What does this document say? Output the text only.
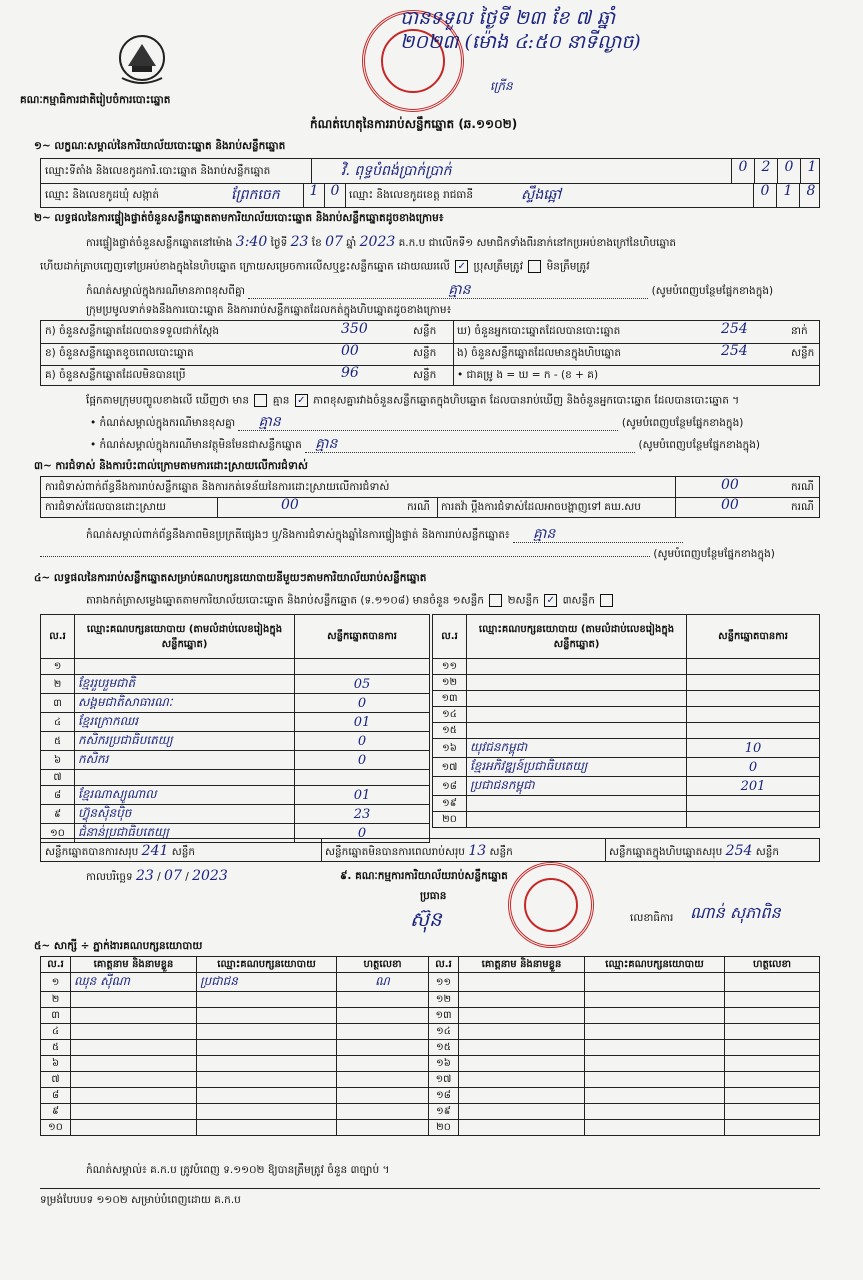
គណៈកម្មាធិការជាតិរៀបចំការបោះឆ្នោត
បានទទួល ថ្ងៃទី ២៣ ខែ ៧ ឆ្នាំ ២០២៣ (ម៉ោង ៤:៥០ នាទីល្ងាច)
ក្រើន
កំណត់ហេតុនៃការរាប់សន្លឹកឆ្នោត (ឆ.១១០២)
១~ លក្ខណៈសម្គាល់នៃការិយាល័យបោះឆ្នោត និងរាប់សន្លឹកឆ្នោត
ឈ្មោះទីតាំង និងលេខកូដការិ.បោះឆ្នោត និងរាប់សន្លឹកឆ្នោត	វិ. ពុទ្ធបំពង់ប្រាក់ប្រាក់	0	2	0	1
ឈ្មោះ និងលេខកូដឃុំ សង្កាត់	ព្រែកចេក	1 0 ឈ្មោះ និងលេខកូដខេត្ត រាជធានី	ស្ទឹងឆ្អៅ	0	1	8
២~ លទ្ធផលនៃការផ្ទៀងផ្ទាត់ចំនួនសន្លឹកឆ្នោតតាមការិយាល័យបោះឆ្នោត និងរាប់សន្លឹកឆ្នោតដូចខាងក្រោម៖
ការផ្ទៀងផ្ទាត់ចំនួនសន្លឹកឆ្នោតនៅម៉ោង 3:40 ថ្ងៃទី 23 ខែ 07 ឆ្នាំ 2023 គ.ក.ប ជាលើកទី១ សមាជិកទាំងពីរនាក់នៅកប្រអប់ខាងក្រៅនៃហិបឆ្នោត
ហើយដាក់ត្រាបញ្ចេញទៅប្រអប់ខាងក្នុងនៃហិបឆ្នោត ក្រោយសម្រេចការលើសឬខ្វះសន្លឹកឆ្នោត ដោយឈរលើ ✓ ប្រុសត្រឹមត្រូវ មិនត្រឹមត្រូវ
កំណត់សម្គាល់ក្នុងករណីមានភាពខុសពីគ្នា	គ្មាន	(សូមបំពេញបន្ថែមផ្នែកខាងក្នុង)
ក្រុមប្រមូលទាក់ទងនឹងការបោះឆ្នោត និងការរាប់សន្លឹកឆ្នោតដែលកត់ក្នុងហិបឆ្នោតដូចខាងក្រោម៖
ក) ចំនួនសន្លឹកឆ្នោតដែលបានទទួលជាក់ស្តែង	350	សន្លឹក ឃ) ចំនួនអ្នកបោះឆ្នោតដែលបានបោះឆ្នោត	254	នាក់
ខ) ចំនួនសន្លឹកឆ្នោតខូចពេលបោះឆ្នោត	00	សន្លឹក ង) ចំនួនសន្លឹកឆ្នោតដែលមានក្នុងហិបឆ្នោត	254	សន្លឹក
គ) ចំនួនសន្លឹកឆ្នោតដែលមិនបានប្រើ	96	សន្លឹក • ជាគម្រូ ង = ឃ = ក - (ខ + គ)
ផ្អែកតាមក្រុមបញ្ចូលខាងលើ ឃើញថា មាន គ្មាន ✓ ភាពខុសគ្នារវាងចំនួនសន្លឹកឆ្នោតក្នុងហិបឆ្នោត ដែលបានរាប់ឃើញ និងចំនួនអ្នកបោះឆ្នោត ដែលបានបោះឆ្នោត ។
• កំណត់សម្គាល់ក្នុងករណីមានខុសគ្នា គ្មាន	(សូមបំពេញបន្ថែមផ្នែកខាងក្នុង)
• កំណត់សម្គាល់ក្នុងករណីមានវត្ថុមិនមែនជាសន្លឹកឆ្នោត គ្មាន	(សូមបំពេញបន្ថែមផ្នែកខាងក្នុង)
៣~ ការជំទាស់ និងការប៉ះពាល់ក្រោមតាមការដោះស្រាយលើការជំទាស់
ការជំទាស់ពាក់ព័ន្ធនឹងការរាប់សន្លឹកឆ្នោត និងការកត់ទេន័យនៃការដោះស្រាយលើការជំទាស់	00	ករណី
ការជំទាស់ដែលបានដោះស្រាយ	00	ករណី ការតវ៉ា ប្តឹងការជំទាស់ដែលអាចបង្ហាញទៅ គឃ.សប	00	ករណី
កំណត់សម្គាល់ពាក់ព័ន្ធនឹងភាពមិនប្រក្រតីផ្សេងៗ ឬ/និងការជំទាស់ក្នុងឆ្នាំនៃការផ្ទៀងផ្ទាត់ និងការរាប់សន្លឹកឆ្នោត៖ គ្មាន
(សូមបំពេញបន្ថែមផ្នែកខាងក្នុង)
៤~ លទ្ធផលនៃការរាប់សន្លឹកឆ្នោតសម្រាប់គណបក្សនយោបាយនីមួយៗតាមការិយាល័យរាប់សន្លឹកឆ្នោត
តារាងកត់ត្រាសម្លេងឆ្នោតតាមការិយាល័យបោះឆ្នោត និងរាប់សន្លឹកឆ្នោត (ទ.១១០៨) មានចំនួន ១សន្លឹក ២សន្លឹក ✓ ៣សន្លឹក
ល.រ	ឈ្មោះគណបក្សនយោបាយ (តាមលំដាប់លេខរៀងក្នុងសន្លឹកឆ្នោត)	សន្លឹកឆ្នោតបានការ
១		
២	ខ្មែររួបរួមជាតិ	05
៣	សង្គមជាតិសាធារណៈ	0
៤	ខ្មែរក្រោកឈរ	01
៥	កសិករប្រជាធិបតេយ្យ	0
៦	កសិករ	0
៧		
៨	ខ្មែរណាស្យូណាល	01
៩	ហ៊្វុនស៊ិនប៉ិច	23
១០	ជំនាន់ប្រជាធិបតេយ្យ	0
ល.រ	ឈ្មោះគណបក្សនយោបាយ (តាមលំដាប់លេខរៀងក្នុងសន្លឹកឆ្នោត)	សន្លឹកឆ្នោតបានការ
១១		
១២		
១៣		
១៤		
១៥		
១៦	យុវជនកម្ពុជា	10
១៧	ខ្មែរអភិវឌ្ឍន៍ប្រជាធិបតេយ្យ	0
១៨	ប្រជាជនកម្ពុជា	201
១៩		
២០		
សន្លឹកឆ្នោតបានការសរុប 241 សន្លឹក	សន្លឹកឆ្នោតមិនបានការពេលរាប់សរុប 13 សន្លឹក	សន្លឹកឆ្នោតក្នុងហិបឆ្នោតសរុប 254 សន្លឹក
កាលបរិច្ឆេទ 23 / 07 / 2023	៩. គណៈកម្មការការិយាល័យរាប់សន្លឹកឆ្នោត
ប្រធាន
ស៊ុន	លេខាធិការ ណាន់ សុភាពិន
៥~ សាក្សី ÷ ភ្នាក់ងារគណបក្សនយោបាយ
ល.រ	គោត្តនាម និងនាមខ្លួន	ឈ្មោះគណបក្សនយោបាយ	ហត្ថលេខា	ល.រ	គោត្តនាម និងនាមខ្លួន	ឈ្មោះគណបក្សនយោបាយ	ហត្ថលេខា
១	ឈុន ស៊ីណា	ប្រជាជន	ណ	១១			
២				១២			
៣				១៣			
៤				១៤			
៥				១៥			
៦				១៦			
៧				១៧			
៨				១៨			
៩				១៩			
១០				២០			
កំណត់សម្គាល់៖ គ.ក.ប ត្រូវបំពេញ ទ.១១០២ ឱ្យបានត្រឹមត្រូវ ចំនួន ៣ច្បាប់ ។
ទម្រង់បែបបទ ១១០២ សម្រាប់បំពេញដោយ គ.ក.ប
